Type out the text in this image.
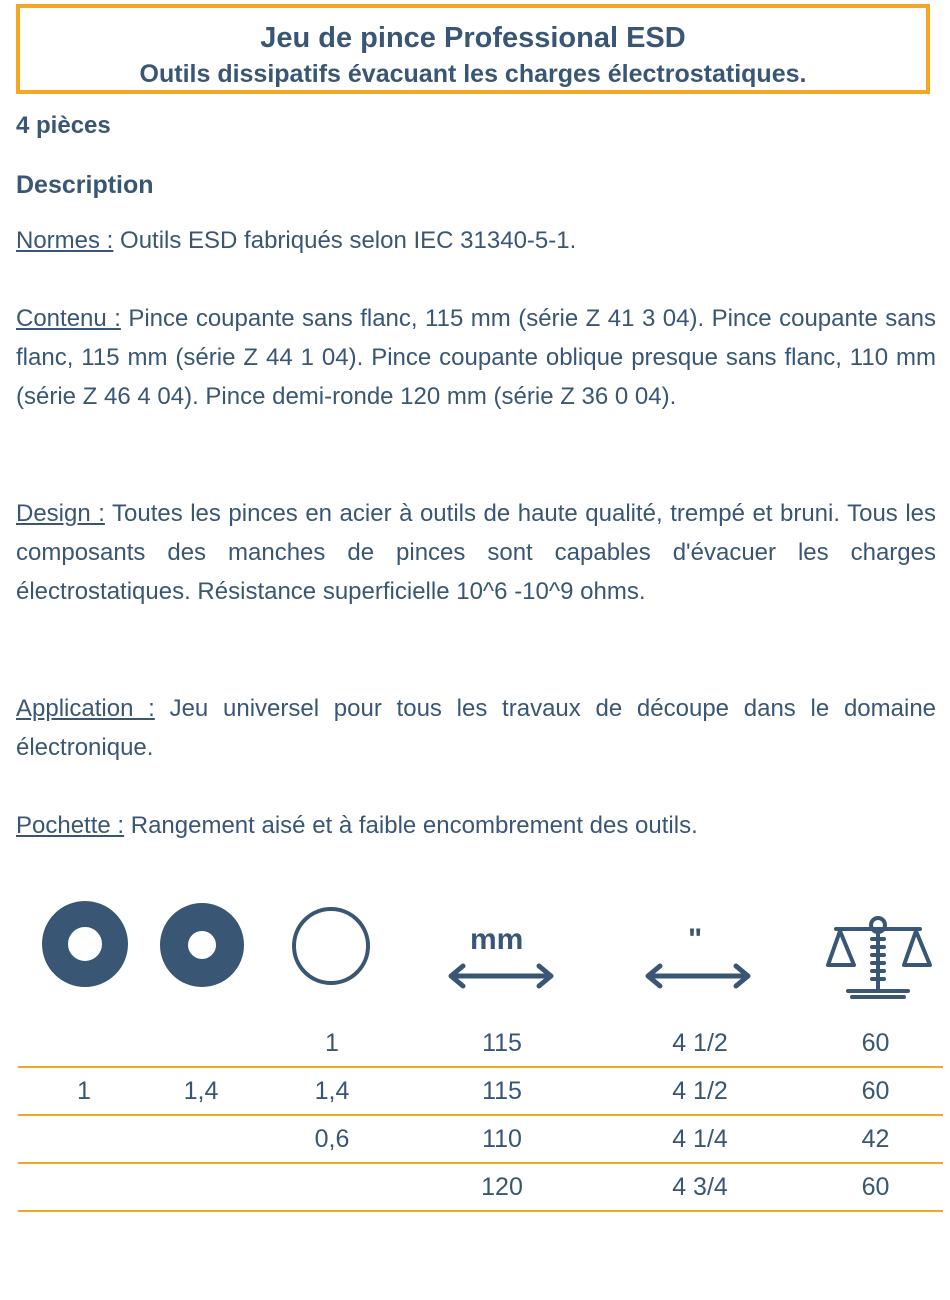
Jeu de pince Professional ESD
Outils dissipatifs évacuant les charges électrostatiques.
4 pièces
Description
Normes : Outils ESD fabriqués selon IEC 31340-5-1.
Contenu : Pince coupante sans flanc, 115 mm (série Z 41 3 04). Pince coupante sans flanc, 115 mm (série Z 44 1 04). Pince coupante oblique presque sans flanc, 110 mm (série Z 46 4 04). Pince demi-ronde 120 mm (série Z 36 0 04).
Design : Toutes les pinces en acier à outils de haute qualité, trempé et bruni. Tous les composants des manches de pinces sont capables d'évacuer les charges électrostatiques. Résistance superficielle 10^6 -10^9 ohms.
Application : Jeu universel pour tous les travaux de découpe dans le domaine électronique.
Pochette : Rangement aisé et à faible encombrement des outils.
mm	"
		1	115	4 1/2	60
1	1,4	1,4	115	4 1/2	60
		0,6	110	4 1/4	42
			120	4 3/4	60
